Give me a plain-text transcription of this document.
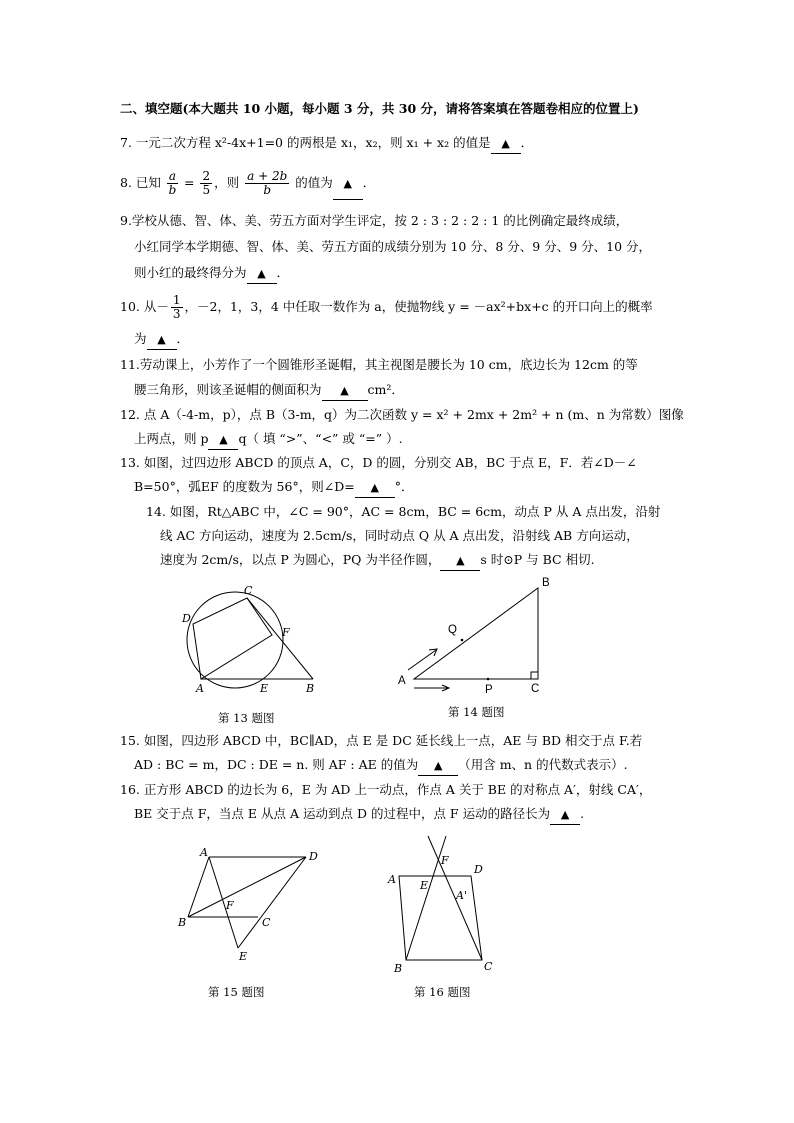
二、填空题(本大题共 10 小题，每小题 3 分，共 30 分，请将答案填在答题卷相应的位置上)
7. 一元二次方程 x²-4x+1=0 的两根是 x₁，x₂，则 x₁ + x₂ 的值是 ▲ ．
8. 已知 $\frac{a}{b} = \frac{2}{5}$ ，则 $\frac{a + 2b}{b}$ 的值为 ▲ ．
9.学校从德、智、体、美、劳五方面对学生评定，按 2 : 3 : 2 : 2 : 1 的比例确定最终成绩，
小红同学本学期德、智、体、美、劳五方面的成绩分别为 10 分、8 分、9 分、9 分、10 分，
则小红的最终得分为 ▲ ．
10. 从－ $\frac{1}{3}$ ，－2，1，3，4 中任取一数作为 a，使抛物线 y = －ax²+bx+c 的开口向上的概率
为 ▲ ．
11.劳动课上，小芳作了一个圆锥形圣诞帽，其主视图是腰长为 10 cm，底边长为 12cm 的等
腰三角形，则该圣诞帽的侧面积为 ▲ cm²．
12. 点 A（-4-m，p），点 B（3-m，q）为二次函数 y = x² + 2mx + 2m² + n (m、n 为常数）图像
上两点，则 p ▲ q（ 填 “>”、“<” 或 “=” ）.
13. 如图，过四边形 ABCD 的顶点 A，C，D 的圆，分别交 AB，BC 于点 E，F．若∠D－∠
B=50°，弧EF 的度数为 56°，则∠D= ▲ °．
14. 如图，Rt△ABC 中，∠C = 90°，AC = 8cm，BC = 6cm，动点 P 从 A 点出发，沿射
线 AC 方向运动，速度为 2.5cm/s，同时动点 Q 从 A 点出发，沿射线 AB 方向运动，
速度为 2cm/s，以点 P 为圆心，PQ 为半径作圆， ▲ s 时⊙P 与 BC 相切.
A	B
C
D
E
F
第 13 题图
A
B
C
P
Q
第 14 题图
15. 如图，四边形 ABCD 中，BC∥AD，点 E 是 DC 延长线上一点，AE 与 BD 相交于点 F.若
AD : BC = m，DC : DE = n. 则 AF : AE 的值为 ▲ （用含 m、n 的代数式表示）.
16. 正方形 ABCD 的边长为 6，E 为 AD 上一动点，作点 A 关于 BE 的对称点 A′，射线 CA′，
BE 交于点 F，当点 E 从点 A 运动到点 D 的过程中，点 F 运动的路径长为 ▲ .
A
B	C
D
E
F
第 15 题图
A
B	C
D
E
F
A'
第 16 题图
